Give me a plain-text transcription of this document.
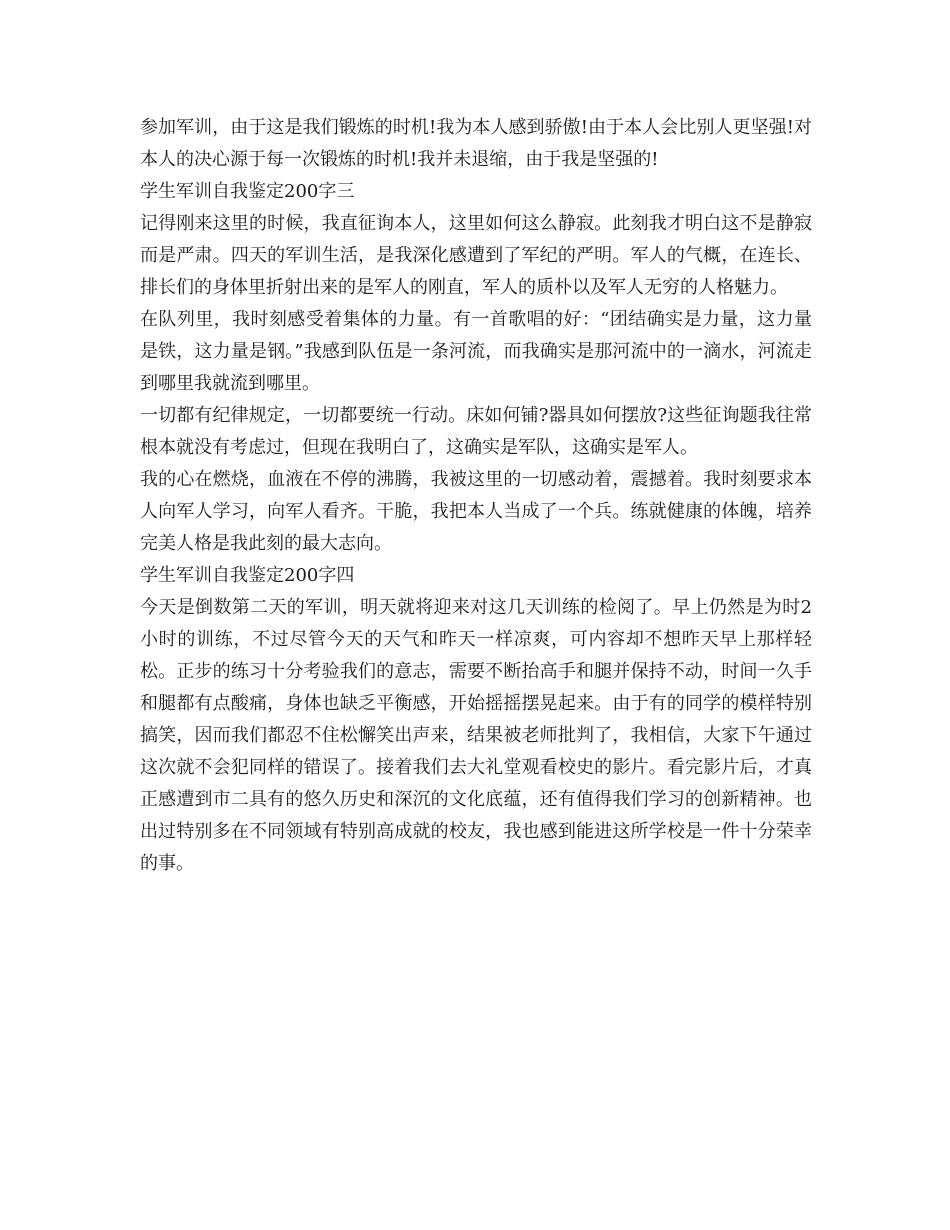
参加军训，由于这是我们锻炼的时机!我为本人感到骄傲!由于本人会比别人更坚强!对本人的决心源于每一次锻炼的时机!我并未退缩，由于我是坚强的!

学生军训自我鉴定200字三

记得刚来这里的时候，我直征询本人，这里如何这么静寂。此刻我才明白这不是静寂而是严肃。四天的军训生活，是我深化感遭到了军纪的严明。军人的气概，在连长、排长们的身体里折射出来的是军人的刚直，军人的质朴以及军人无穷的人格魅力。

在队列里，我时刻感受着集体的力量。有一首歌唱的好：“团结确实是力量，这力量是铁，这力量是钢。”我感到队伍是一条河流，而我确实是那河流中的一滴水，河流走到哪里我就流到哪里。

一切都有纪律规定，一切都要统一行动。床如何铺?器具如何摆放?这些征询题我往常根本就没有考虑过，但现在我明白了，这确实是军队，这确实是军人。

我的心在燃烧，血液在不停的沸腾，我被这里的一切感动着，震撼着。我时刻要求本人向军人学习，向军人看齐。干脆，我把本人当成了一个兵。练就健康的体魄，培养完美人格是我此刻的最大志向。

学生军训自我鉴定200字四

今天是倒数第二天的军训，明天就将迎来对这几天训练的检阅了。早上仍然是为时2小时的训练，不过尽管今天的天气和昨天一样凉爽，可内容却不想昨天早上那样轻松。正步的练习十分考验我们的意志，需要不断抬高手和腿并保持不动，时间一久手和腿都有点酸痛，身体也缺乏平衡感，开始摇摇摆晃起来。由于有的同学的模样特别搞笑，因而我们都忍不住松懈笑出声来，结果被老师批判了，我相信，大家下午通过这次就不会犯同样的错误了。接着我们去大礼堂观看校史的影片。看完影片后，才真正感遭到市二具有的悠久历史和深沉的文化底蕴，还有值得我们学习的创新精神。也出过特别多在不同领域有特别高成就的校友，我也感到能进这所学校是一件十分荣幸的事。
